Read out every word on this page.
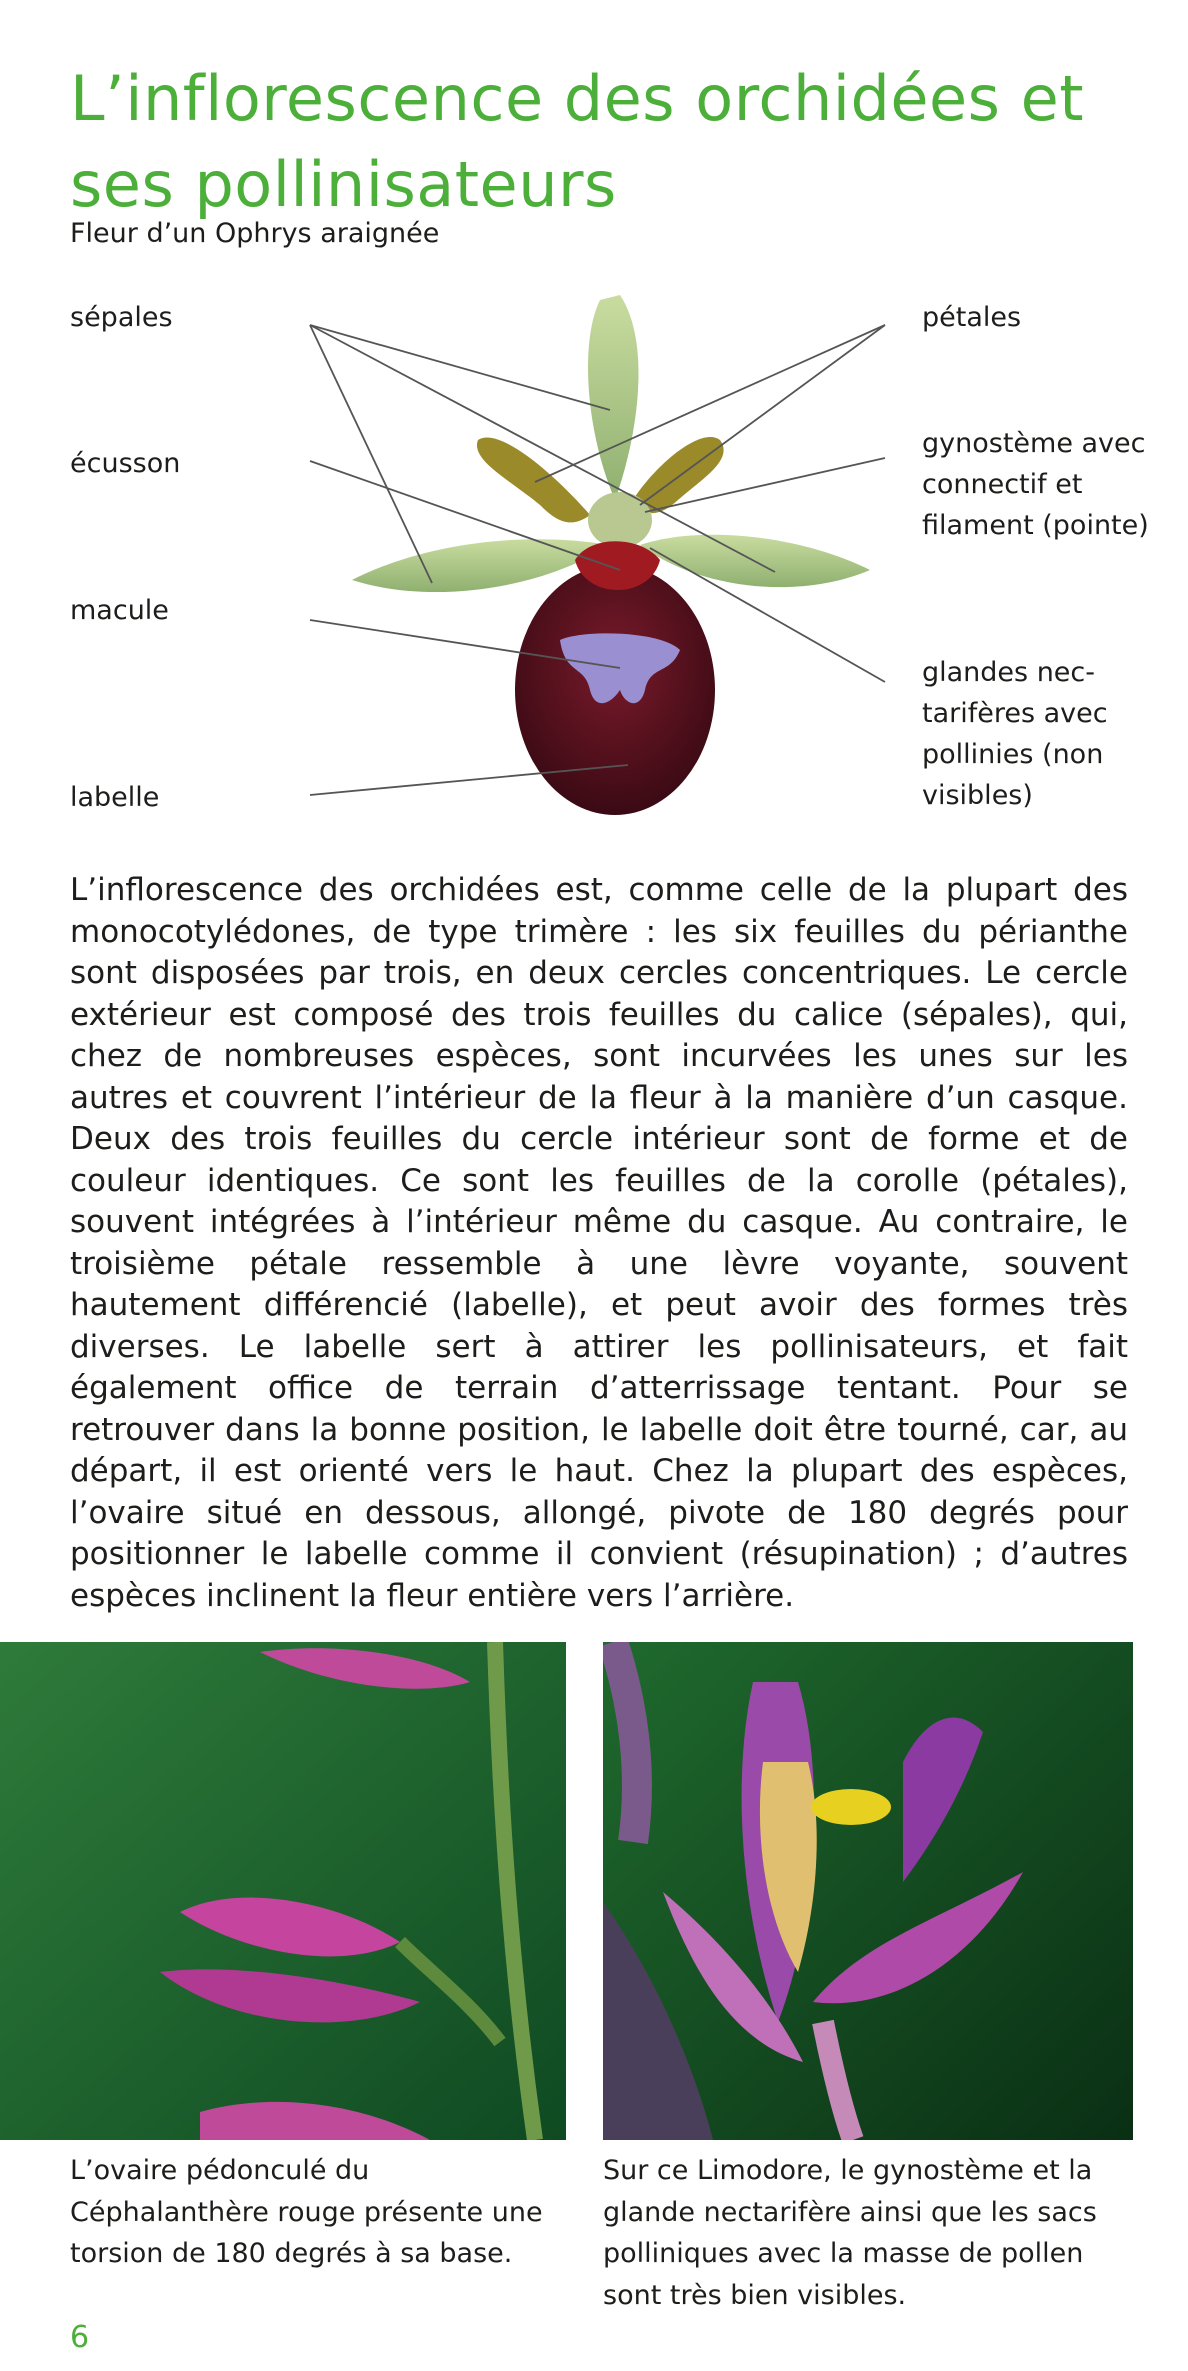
L’inflorescence des orchidées et ses pollinisateurs
Fleur d’un Ophrys araignée
sépales
écusson
macule
labelle
pétales
gynostème avec connectif et filament (pointe)
glandes nec-tarifères avec pollinies (non visibles)
L’inflorescence des orchidées est, comme celle de la plupart des monocotylédones, de type trimère : les six feuilles du périanthe sont disposées par trois, en deux cercles concentriques. Le cercle extérieur est composé des trois feuilles du calice (sépales), qui, chez de nombreuses espèces, sont incurvées les unes sur les autres et couvrent l’intérieur de la fleur à la manière d’un casque. Deux des trois feuilles du cercle intérieur sont de forme et de couleur identiques. Ce sont les feuilles de la corolle (pétales), souvent intégrées à l’intérieur même du casque. Au contraire, le troisième pétale ressemble à une lèvre voyante, souvent hautement différencié (labelle), et peut avoir des formes très diverses. Le labelle sert à attirer les pollinisateurs, et fait également office de terrain d’atterrissage tentant. Pour se retrouver dans la bonne position, le labelle doit être tourné, car, au départ, il est orienté vers le haut. Chez la plupart des espèces, l’ovaire situé en dessous, allongé, pivote de 180 degrés pour positionner le labelle comme il convient (résupination) ; d’autres espèces inclinent la fleur entière vers l’arrière.
L’ovaire pédonculé du Céphalanthère rouge présente une torsion de 180 degrés à sa base.
Sur ce Limodore, le gynostème et la glande nectarifère ainsi que les sacs polliniques avec la masse de pollen sont très bien visibles.
6
